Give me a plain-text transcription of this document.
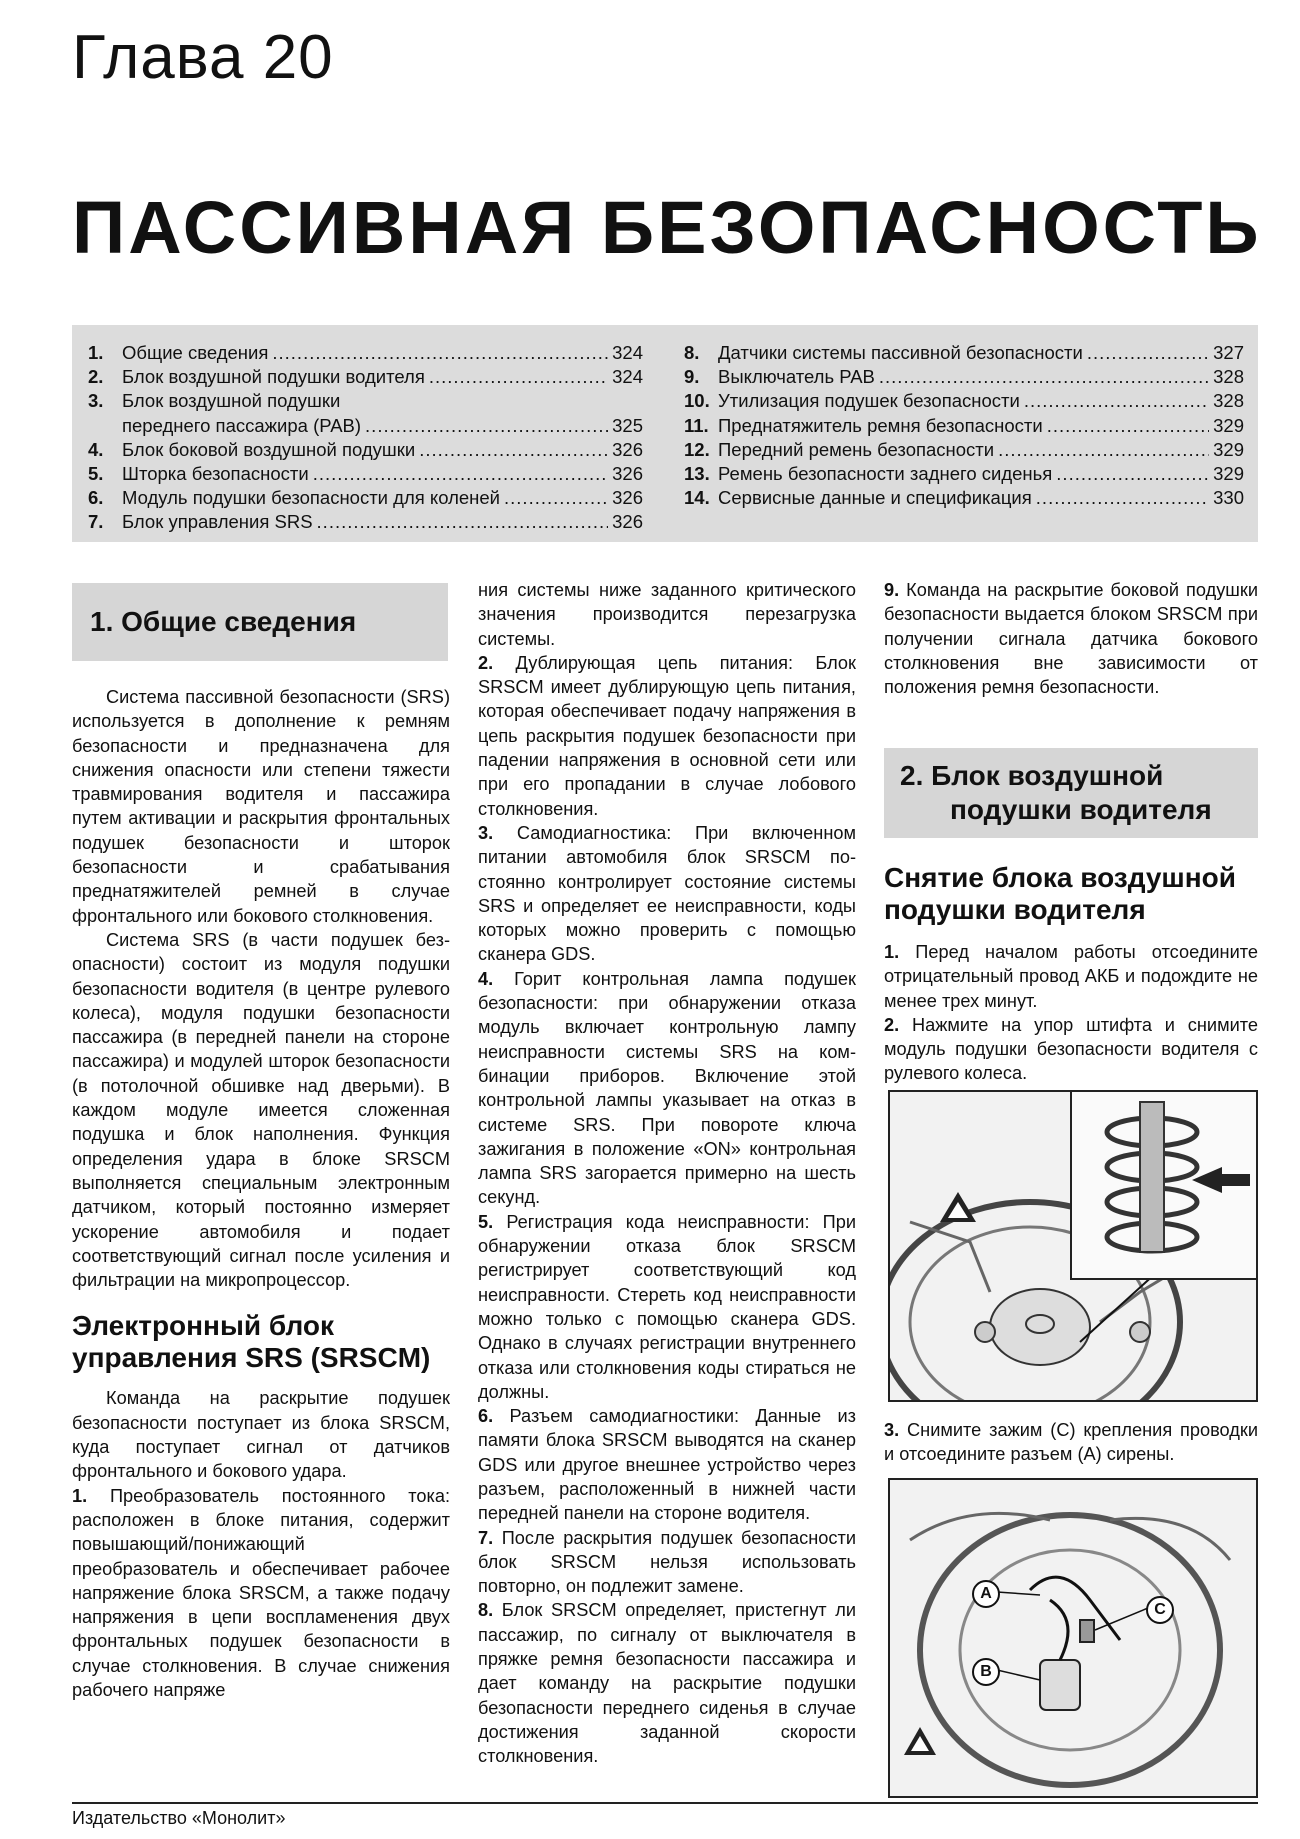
Глава 20
ПАССИВНАЯ БЕЗОПАСНОСТЬ
1.	Общие сведения .....	324
2.	Блок воздушной подушки водителя .....	324
3.	Блок воздушной подушки
переднего пассажира (PAB) .....	325
4.	Блок боковой воздушной подушки .....	326
5.	Шторка безопасности .....	326
6.	Модуль подушки безопасности для коленей .....	326
7.	Блок управления SRS .....	326
8.	Датчики системы пассивной безопасности .....	327
9.	Выключатель PAB .....	328
10. Утилизация подушек безопасности .....	328
11. Преднатяжитель ремня безопасности .....	329
12. Передний ремень безопасности .....	329
13. Ремень безопасности заднего сиденья .....	329
14. Сервисные данные и спецификация .....	330
1. Общие сведения

Система пассивной безопасности (SRS) используется в дополнение к ремням безопасности и предназначена для снижения опасности или степени тяжести травмирования водителя и пассажира путем активации и раскрытия фронтальных подушек безопасности и шторок безопасности и срабатывания преднатяжителей ремней в случае фронтального или бокового столкновения.

Система SRS (в части подушек безопасности) состоит из модуля подушки безопасности водителя (в центре рулевого колеса), модуля подушки безопасности пассажира (в передней панели на стороне пассажира) и модулей шторок безопасности (в потолочной обшивке над дверьми). В каждом модуле имеется сложенная подушка и блок наполнения. Функция определения удара в блоке SRSCM выполняется специальным электронным датчиком, который постоянно измеряет ускорение автомобиля и подает соответствующий сигнал после усиления и фильтрации на микропроцессор.

Электронный блок управления SRS (SRSCM)

Команда на раскрытие подушек безопасности поступает из блока SRSCM, куда поступает сигнал от датчиков фронтального и бокового удара.

1. Преобразователь постоянного тока: расположен в блоке питания, содержит повышающий/понижающий преобразователь и обеспечивает рабочее напряжение блока SRSCM, а также подачу напряжения в цепи воспламенения двух фронтальных подушек безопасности в случае столкновения. В случае снижения рабочего напряже

ния системы ниже заданного критического значения производится перезагрузка системы.

2. Дублирующая цепь питания: Блок SRSCM имеет дублирующую цепь питания, которая обеспечивает подачу напряжения в цепь раскрытия подушек безопасности при падении напряжения в основной сети или при его пропадании в случае лобового столкновения.

3. Самодиагностика: При включенном питании автомобиля блок SRSCM постоянно контролирует состояние системы SRS и определяет ее неисправности, коды которых можно проверить с помощью сканера GDS.

4. Горит контрольная лампа подушек безопасности: при обнаружении отказа модуль включает контрольную лампу неисправности системы SRS на комбинации приборов. Включение этой контрольной лампы указывает на отказ в системе SRS. При повороте ключа зажигания в положение «ON» контрольная лампа SRS загорается примерно на шесть секунд.

5. Регистрация кода неисправности: При обнаружении отказа блок SRSCM регистрирует соответствующий код неисправности. Стереть код неисправности можно только с помощью сканера GDS. Однако в случаях регистрации внутреннего отказа или столкновения коды стираться не должны.

6. Разъем самодиагностики: Данные из памяти блока SRSCM выводятся на сканер GDS или другое внешнее устройство через разъем, расположенный в нижней части передней панели на стороне водителя.

7. После раскрытия подушек безопасности блок SRSCM нельзя использовать повторно, он подлежит замене.

8. Блок SRSCM определяет, пристегнут ли пассажир, по сигналу от выключателя в пряжке ремня безопасности пассажира и дает команду на раскрытие подушки безопасности переднего сиденья в случае достижения заданной скорости столкновения.

9. Команда на раскрытие боковой подушки безопасности выдается блоком SRSCM при получении сигнала датчика бокового столкновения вне зависимости от положения ремня безопасности.

2. Блок воздушной подушки водителя

Снятие блока воздушной подушки водителя

1. Перед началом работы отсоедините отрицательный провод АКБ и подождите не менее трех минут.

2. Нажмите на упор штифта и снимите модуль подушки безопасности водителя с рулевого колеса.

3. Снимите зажим (С) крепления проводки и отсоедините разъем (А) сирены.

A
B
C
Издательство «Монолит»
